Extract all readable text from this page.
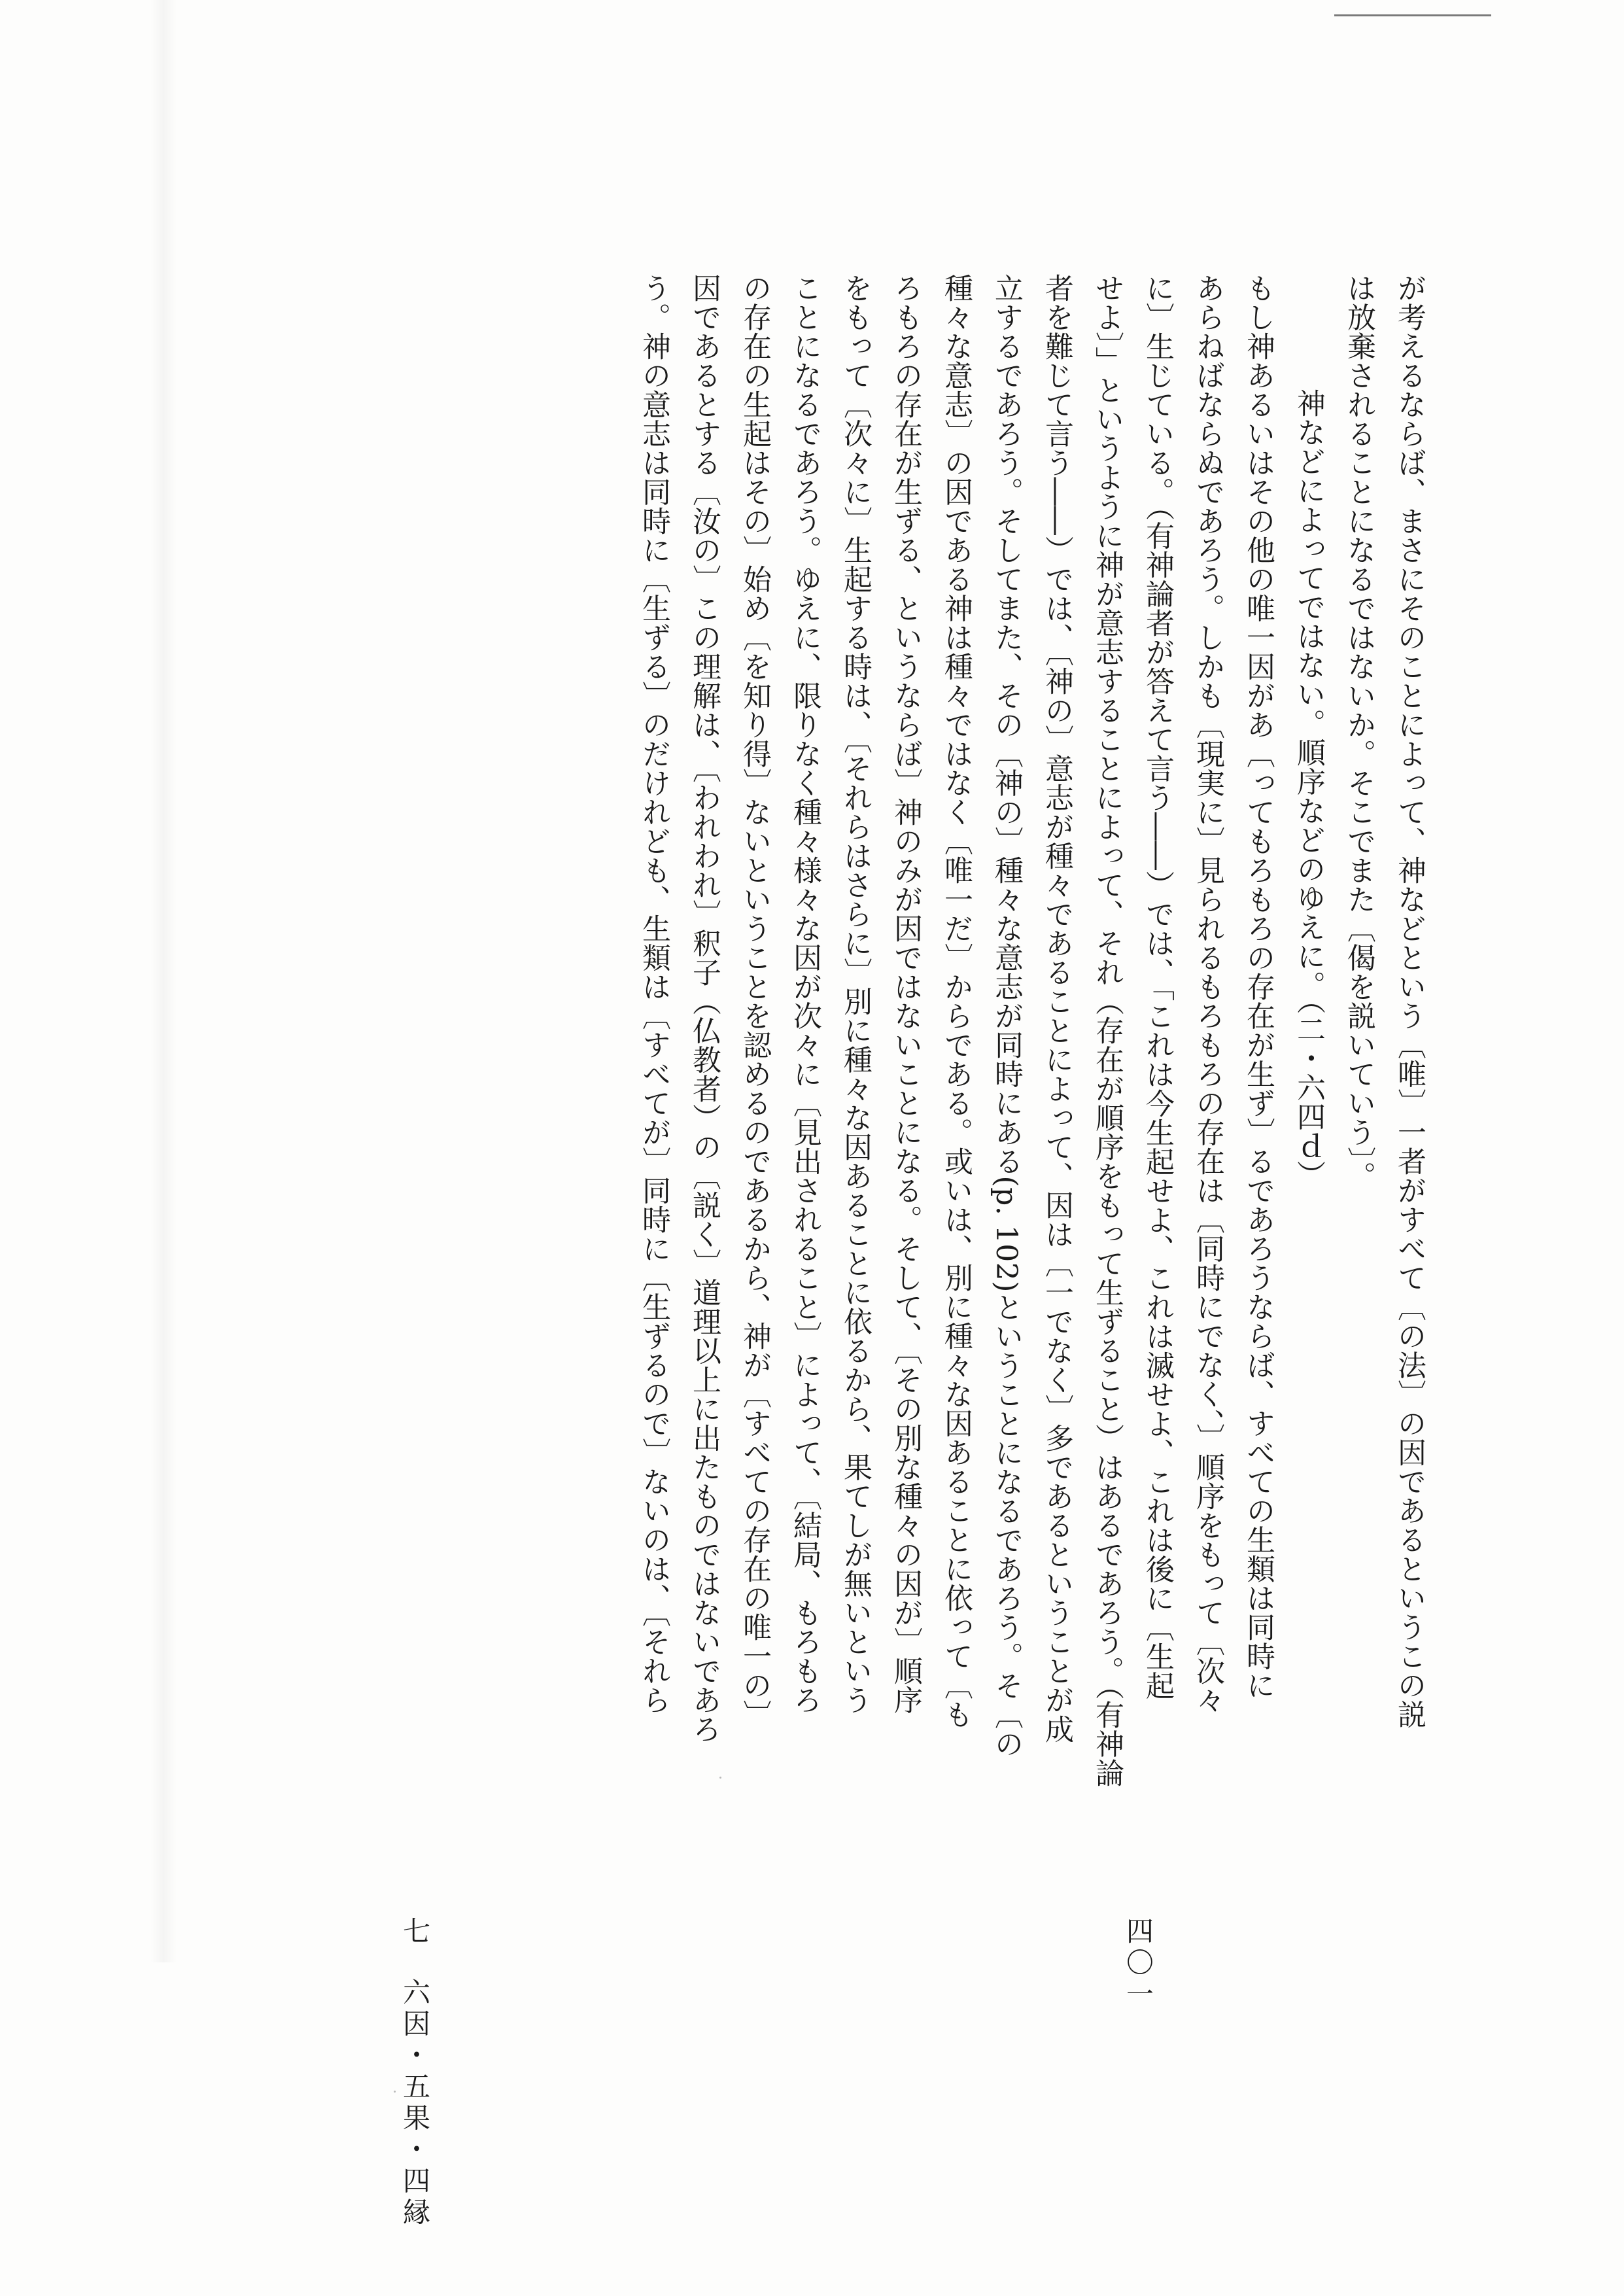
が考えるならば、まさにそのことによって、神などという〔唯〕一者がすべて〔の法〕の因であるというこの説
は放棄されることになるではないか。そこでまた〔偈を説いていう〕。
神などによってではない。順序などのゆえに。（二・六四ｄ）
もし神あるいはその他の唯一因があ〔ってもろもろの存在が生ず〕るであろうならば、すべての生類は同時に
あらねばならぬであろう。しかも〔現実に〕見られるもろもろの存在は〔同時にでなく、〕順序をもって〔次々
に〕生じている。（有神論者が答えて言う――）では、「これは今生起せよ、これは滅せよ、これは後に〔生起
せよ〕」というように神が意志することによって、それ（存在が順序をもって生ずること）はあるであろう。（有神論
者を難じて言う――）では、〔神の〕意志が種々であることによって、因は〔一でなく〕多であるということが成
立するであろう。そしてまた、その〔神の〕種々な意志が同時にある(p. 102)ということになるであろう。そ〔の
種々な意志〕の因である神は種々ではなく〔唯一だ〕からである。或いは、別に種々な因あることに依って〔も
ろもろの存在が生ずる、というならば〕神のみが因ではないことになる。そして、〔その別な種々の因が〕順序
をもって〔次々に〕生起する時は、〔それらはさらに〕別に種々な因あることに依るから、果てしが無いという
ことになるであろう。ゆえに、限りなく種々様々な因が次々に〔見出されること〕によって、〔結局、もろもろ
の存在の生起はその〕始め〔を知り得〕ないということを認めるのであるから、神が〔すべての存在の唯一の〕
因であるとする〔汝の〕この理解は、〔われわれ〕釈子（仏教者）の〔説く〕道理以上に出たものではないであろ
う。神の意志は同時に〔生ずる〕のだけれども、生類は〔すべてが〕同時に〔生ずるので〕ないのは、〔それら
七 六因・五果・四縁
四〇一
